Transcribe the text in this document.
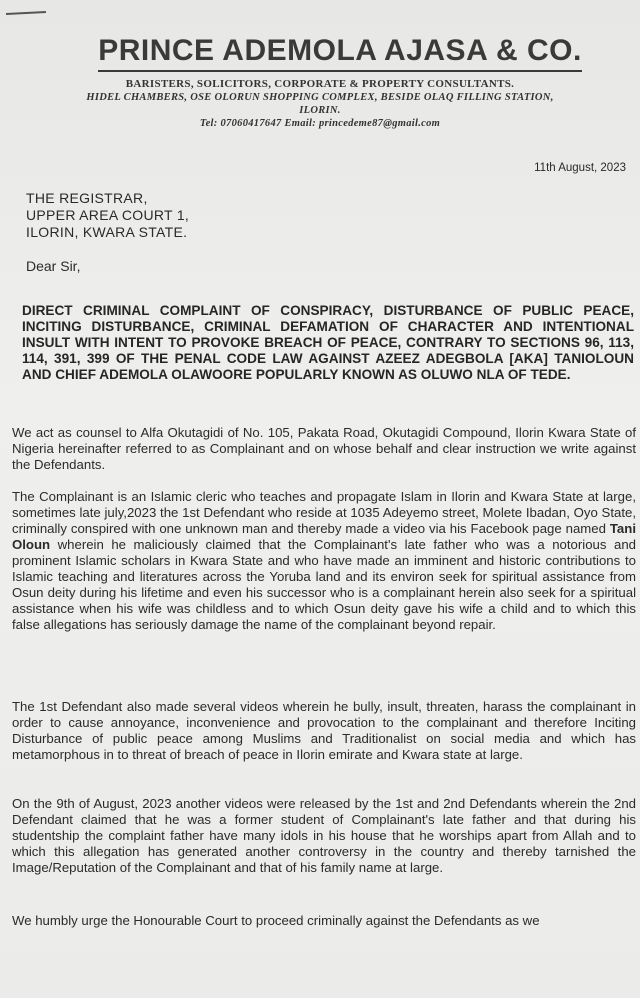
PRINCE ADEMOLA AJASA & CO.
BARISTERS, SOLICITORS, CORPORATE & PROPERTY CONSULTANTS.
HIDEL CHAMBERS, OSE OLORUN SHOPPING COMPLEX, BESIDE OLAQ FILLING STATION,
ILORIN.
Tel: 07060417647 Email: princedeme87@gmail.com
11th August, 2023
THE REGISTRAR,
UPPER AREA COURT 1,
ILORIN, KWARA STATE.
Dear Sir,
DIRECT CRIMINAL COMPLAINT OF CONSPIRACY, DISTURBANCE OF PUBLIC PEACE, INCITING DISTURBANCE, CRIMINAL DEFAMATION OF CHARACTER AND INTENTIONAL INSULT WITH INTENT TO PROVOKE BREACH OF PEACE, CONTRARY TO SECTIONS 96, 113, 114, 391, 399 OF THE PENAL CODE LAW AGAINST AZEEZ ADEGBOLA [AKA] TANIOLOUN AND CHIEF ADEMOLA OLAWOORE POPULARLY KNOWN AS OLUWO NLA OF TEDE.
We act as counsel to Alfa Okutagidi of No. 105, Pakata Road, Okutagidi Compound, Ilorin Kwara State of Nigeria hereinafter referred to as Complainant and on whose behalf and clear instruction we write against the Defendants.
The Complainant is an Islamic cleric who teaches and propagate Islam in Ilorin and Kwara State at large, sometimes late july,2023 the 1st Defendant who reside at 1035 Adeyemo street, Molete Ibadan, Oyo State, criminally conspired with one unknown man and thereby made a video via his Facebook page named Tani Oloun wherein he maliciously claimed that the Complainant's late father who was a notorious and prominent Islamic scholars in Kwara State and who have made an imminent and historic contributions to Islamic teaching and literatures across the Yoruba land and its environ seek for spiritual assistance from Osun deity during his lifetime and even his successor who is a complainant herein also seek for a spiritual assistance when his wife was childless and to which Osun deity gave his wife a child and to which this false allegations has seriously damage the name of the complainant beyond repair.
The 1st Defendant also made several videos wherein he bully, insult, threaten, harass the complainant in order to cause annoyance, inconvenience and provocation to the complainant and therefore Inciting Disturbance of public peace among Muslims and Traditionalist on social media and which has metamorphous in to threat of breach of peace in Ilorin emirate and Kwara state at large.
On the 9th of August, 2023 another videos were released by the 1st and 2nd Defendants wherein the 2nd Defendant claimed that he was a former student of Complainant's late father and that during his studentship the complaint father have many idols in his house that he worships apart from Allah and to which this allegation has generated another controversy in the country and thereby tarnished the Image/Reputation of the Complainant and that of his family name at large.
We humbly urge the Honourable Court to proceed criminally against the Defendants as we
